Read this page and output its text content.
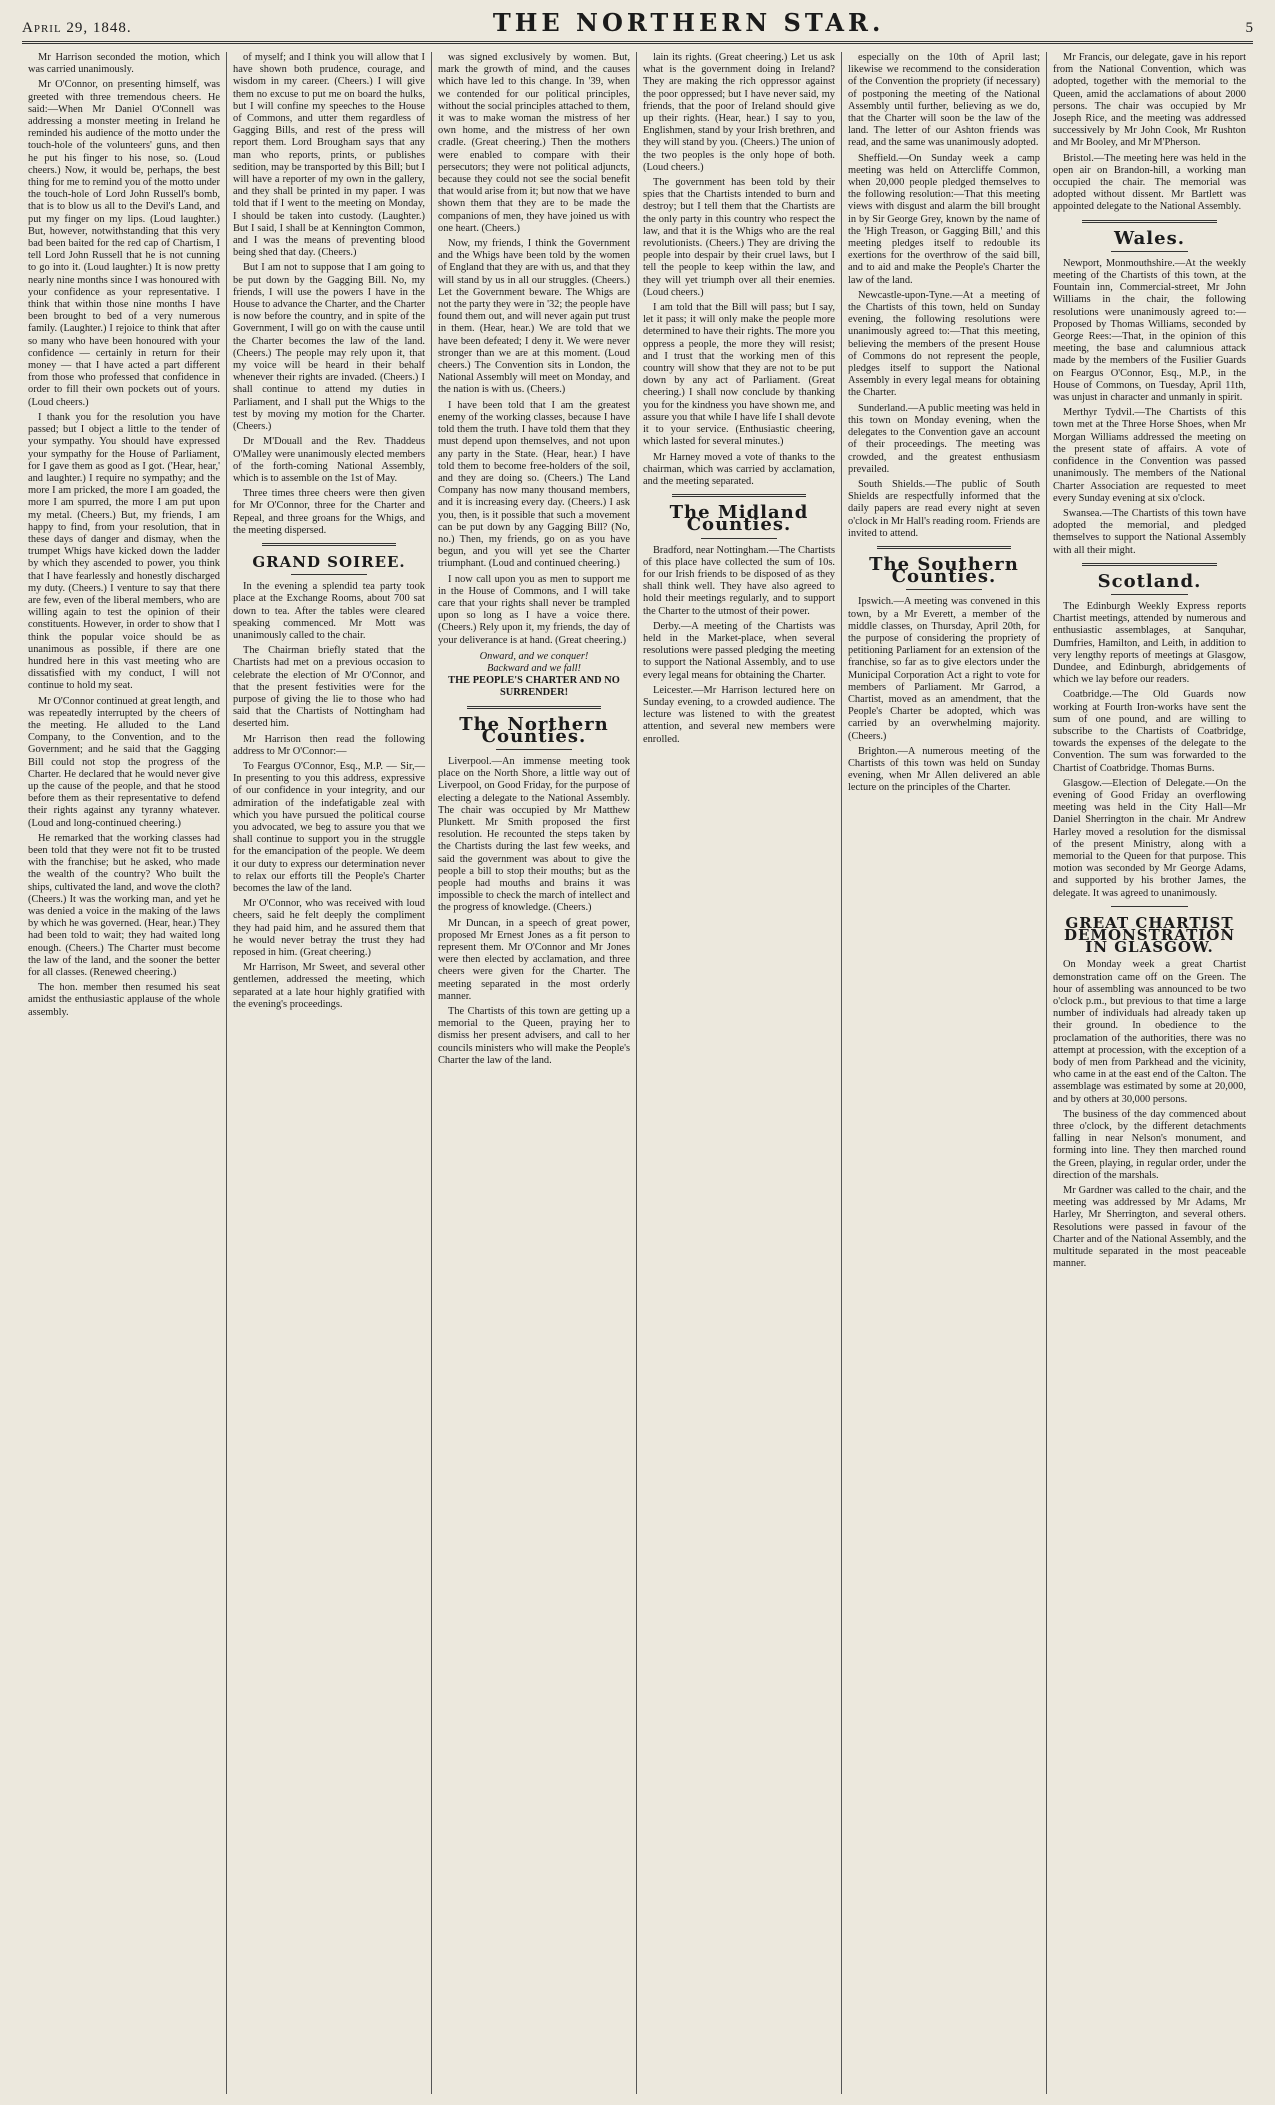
April 29, 1848.	THE NORTHERN STAR.	5

Mr Harrison seconded the motion, which was carried unanimously.

Mr O'Connor, on presenting himself, was greeted with three tremendous cheers. He said:—When Mr Daniel O'Connell was addressing a monster meeting in Ireland he reminded his audience of the motto under the touch-hole of the volunteers' guns, and then he put his finger to his nose, so. (Loud cheers.) Now, it would be, perhaps, the best thing for me to remind you of the motto under the touch-hole of Lord John Russell's bomb, that is to blow us all to the Devil's Land, and put my finger on my lips. (Loud laughter.) But, however, notwithstanding that this very bad been baited for the red cap of Chartism, I tell Lord John Russell that he is not cunning to go into it. (Loud laughter.) It is now pretty nearly nine months since I was honoured with your confidence as your representative. I think that within those nine months I have been brought to bed of a very numerous family. (Laughter.) I rejoice to think that after so many who have been honoured with your confidence — certainly in return for their money — that I have acted a part different from those who professed that confidence in order to fill their own pockets out of yours. (Loud cheers.)

I thank you for the resolution you have passed; but I object a little to the tender of your sympathy. You should have expressed your sympathy for the House of Parliament, for I gave them as good as I got. ('Hear, hear,' and laughter.) I require no sympathy; and the more I am pricked, the more I am goaded, the more I am spurred, the more I am put upon my metal. (Cheers.) But, my friends, I am happy to find, from your resolution, that in these days of danger and dismay, when the trumpet Whigs have kicked down the ladder by which they ascended to power, you think that I have fearlessly and honestly discharged my duty. (Cheers.) I venture to say that there are few, even of the liberal members, who are willing again to test the opinion of their constituents. However, in order to show that I think the popular voice should be as unanimous as possible, if there are one hundred here in this vast meeting who are dissatisfied with my conduct, I will not continue to hold my seat.

Mr O'Connor continued at great length, and was repeatedly interrupted by the cheers of the meeting. He alluded to the Land Company, to the Convention, and to the Government; and he said that the Gagging Bill could not stop the progress of the Charter. He declared that he would never give up the cause of the people, and that he stood before them as their representative to defend their rights against any tyranny whatever. (Loud and long-continued cheering.)

He remarked that the working classes had been told that they were not fit to be trusted with the franchise; but he asked, who made the wealth of the country? Who built the ships, cultivated the land, and wove the cloth? (Cheers.) It was the working man, and yet he was denied a voice in the making of the laws by which he was governed. (Hear, hear.) They had been told to wait; they had waited long enough. (Cheers.) The Charter must become the law of the land, and the sooner the better for all classes. (Renewed cheering.)

The hon. member then resumed his seat amidst the enthusiastic applause of the whole assembly.

of myself; and I think you will allow that I have shown both prudence, courage, and wisdom in my career. (Cheers.) I will give them no excuse to put me on board the hulks, but I will confine my speeches to the House of Commons, and utter them regardless of Gagging Bills, and rest of the press will report them. Lord Brougham says that any man who reports, prints, or publishes sedition, may be transported by this Bill; but I will have a reporter of my own in the gallery, and they shall be printed in my paper. I was told that if I went to the meeting on Monday, I should be taken into custody. (Laughter.) But I said, I shall be at Kennington Common, and I was the means of preventing blood being shed that day. (Cheers.)

But I am not to suppose that I am going to be put down by the Gagging Bill. No, my friends, I will use the powers I have in the House to advance the Charter, and the Charter is now before the country, and in spite of the Government, I will go on with the cause until the Charter becomes the law of the land. (Cheers.) The people may rely upon it, that my voice will be heard in their behalf whenever their rights are invaded. (Cheers.) I shall continue to attend my duties in Parliament, and I shall put the Whigs to the test by moving my motion for the Charter. (Cheers.)

Dr M'Douall and the Rev. Thaddeus O'Malley were unanimously elected members of the forth-coming National Assembly, which is to assemble on the 1st of May.

Three times three cheers were then given for Mr O'Connor, three for the Charter and Repeal, and three groans for the Whigs, and the meeting dispersed.

GRAND SOIREE.

In the evening a splendid tea party took place at the Exchange Rooms, about 700 sat down to tea. After the tables were cleared speaking commenced. Mr Mott was unanimously called to the chair.

The Chairman briefly stated that the Chartists had met on a previous occasion to celebrate the election of Mr O'Connor, and that the present festivities were for the purpose of giving the lie to those who had said that the Chartists of Nottingham had deserted him.

Mr Harrison then read the following address to Mr O'Connor:—

To Feargus O'Connor, Esq., M.P. — Sir,—In presenting to you this address, expressive of our confidence in your integrity, and our admiration of the indefatigable zeal with which you have pursued the political course you advocated, we beg to assure you that we shall continue to support you in the struggle for the emancipation of the people. We deem it our duty to express our determination never to relax our efforts till the People's Charter becomes the law of the land.

Mr O'Connor, who was received with loud cheers, said he felt deeply the compliment they had paid him, and he assured them that he would never betray the trust they had reposed in him. (Great cheering.)

Mr Harrison, Mr Sweet, and several other gentlemen, addressed the meeting, which separated at a late hour highly gratified with the evening's proceedings.

was signed exclusively by women. But, mark the growth of mind, and the causes which have led to this change. In '39, when we contended for our political principles, without the social principles attached to them, it was to make woman the mistress of her own home, and the mistress of her own cradle. (Great cheering.) Then the mothers were enabled to compare with their persecutors; they were not political adjuncts, because they could not see the social benefit that would arise from it; but now that we have shown them that they are to be made the companions of men, they have joined us with one heart. (Cheers.)

Now, my friends, I think the Government and the Whigs have been told by the women of England that they are with us, and that they will stand by us in all our struggles. (Cheers.) Let the Government beware. The Whigs are not the party they were in '32; the people have found them out, and will never again put trust in them. (Hear, hear.) We are told that we have been defeated; I deny it. We were never stronger than we are at this moment. (Loud cheers.) The Convention sits in London, the National Assembly will meet on Monday, and the nation is with us. (Cheers.)

I have been told that I am the greatest enemy of the working classes, because I have told them the truth. I have told them that they must depend upon themselves, and not upon any party in the State. (Hear, hear.) I have told them to become free-holders of the soil, and they are doing so. (Cheers.) The Land Company has now many thousand members, and it is increasing every day. (Cheers.) I ask you, then, is it possible that such a movement can be put down by any Gagging Bill? (No, no.) Then, my friends, go on as you have begun, and you will yet see the Charter triumphant. (Loud and continued cheering.)

I now call upon you as men to support me in the House of Commons, and I will take care that your rights shall never be trampled upon so long as I have a voice there. (Cheers.) Rely upon it, my friends, the day of your deliverance is at hand. (Great cheering.)

Onward, and we conquer!
Backward and we fall!
THE PEOPLE'S CHARTER AND NO SURRENDER!
The Northern Counties.

Liverpool.—An immense meeting took place on the North Shore, a little way out of Liverpool, on Good Friday, for the purpose of electing a delegate to the National Assembly. The chair was occupied by Mr Matthew Plunkett. Mr Smith proposed the first resolution. He recounted the steps taken by the Chartists during the last few weeks, and said the government was about to give the people a bill to stop their mouths; but as the people had mouths and brains it was impossible to check the march of intellect and the progress of knowledge. (Cheers.)

Mr Duncan, in a speech of great power, proposed Mr Ernest Jones as a fit person to represent them. Mr O'Connor and Mr Jones were then elected by acclamation, and three cheers were given for the Charter. The meeting separated in the most orderly manner.

The Chartists of this town are getting up a memorial to the Queen, praying her to dismiss her present advisers, and call to her councils ministers who will make the People's Charter the law of the land.

lain its rights. (Great cheering.) Let us ask what is the government doing in Ireland? They are making the rich oppressor against the poor oppressed; but I have never said, my friends, that the poor of Ireland should give up their rights. (Hear, hear.) I say to you, Englishmen, stand by your Irish brethren, and they will stand by you. (Cheers.) The union of the two peoples is the only hope of both. (Loud cheers.)

The government has been told by their spies that the Chartists intended to burn and destroy; but I tell them that the Chartists are the only party in this country who respect the law, and that it is the Whigs who are the real revolutionists. (Cheers.) They are driving the people into despair by their cruel laws, but I tell the people to keep within the law, and they will yet triumph over all their enemies. (Loud cheers.)

I am told that the Bill will pass; but I say, let it pass; it will only make the people more determined to have their rights. The more you oppress a people, the more they will resist; and I trust that the working men of this country will show that they are not to be put down by any act of Parliament. (Great cheering.) I shall now conclude by thanking you for the kindness you have shown me, and assure you that while I have life I shall devote it to your service. (Enthusiastic cheering, which lasted for several minutes.)

Mr Harney moved a vote of thanks to the chairman, which was carried by acclamation, and the meeting separated.

The Midland Counties.

Bradford, near Nottingham.—The Chartists of this place have collected the sum of 10s. for our Irish friends to be disposed of as they shall think well. They have also agreed to hold their meetings regularly, and to support the Charter to the utmost of their power.

Derby.—A meeting of the Chartists was held in the Market-place, when several resolutions were passed pledging the meeting to support the National Assembly, and to use every legal means for obtaining the Charter.

Leicester.—Mr Harrison lectured here on Sunday evening, to a crowded audience. The lecture was listened to with the greatest attention, and several new members were enrolled.

especially on the 10th of April last; likewise we recommend to the consideration of the Convention the propriety (if necessary) of postponing the meeting of the National Assembly until further, believing as we do, that the Charter will soon be the law of the land. The letter of our Ashton friends was read, and the same was unanimously adopted.

Sheffield.—On Sunday week a camp meeting was held on Attercliffe Common, when 20,000 people pledged themselves to the following resolution:—That this meeting views with disgust and alarm the bill brought in by Sir George Grey, known by the name of the 'High Treason, or Gagging Bill,' and this meeting pledges itself to redouble its exertions for the overthrow of the said bill, and to aid and make the People's Charter the law of the land.

Newcastle-upon-Tyne.—At a meeting of the Chartists of this town, held on Sunday evening, the following resolutions were unanimously agreed to:—That this meeting, believing the members of the present House of Commons do not represent the people, pledges itself to support the National Assembly in every legal means for obtaining the Charter.

Sunderland.—A public meeting was held in this town on Monday evening, when the delegates to the Convention gave an account of their proceedings. The meeting was crowded, and the greatest enthusiasm prevailed.

South Shields.—The public of South Shields are respectfully informed that the daily papers are read every night at seven o'clock in Mr Hall's reading room. Friends are invited to attend.

The Southern Counties.

Ipswich.—A meeting was convened in this town, by a Mr Everett, a member of the middle classes, on Thursday, April 20th, for the purpose of considering the propriety of petitioning Parliament for an extension of the franchise, so far as to give electors under the Municipal Corporation Act a right to vote for members of Parliament. Mr Garrod, a Chartist, moved as an amendment, that the People's Charter be adopted, which was carried by an overwhelming majority. (Cheers.)

Brighton.—A numerous meeting of the Chartists of this town was held on Sunday evening, when Mr Allen delivered an able lecture on the principles of the Charter.

Mr Francis, our delegate, gave in his report from the National Convention, which was adopted, together with the memorial to the Queen, amid the acclamations of about 2000 persons. The chair was occupied by Mr Joseph Rice, and the meeting was addressed successively by Mr John Cook, Mr Rushton and Mr Booley, and Mr M'Pherson.

Bristol.—The meeting here was held in the open air on Brandon-hill, a working man occupied the chair. The memorial was adopted without dissent. Mr Bartlett was appointed delegate to the National Assembly.

Wales.

Newport, Monmouthshire.—At the weekly meeting of the Chartists of this town, at the Fountain inn, Commercial-street, Mr John Williams in the chair, the following resolutions were unanimously agreed to:—Proposed by Thomas Williams, seconded by George Rees:—That, in the opinion of this meeting, the base and calumnious attack made by the members of the Fusilier Guards on Feargus O'Connor, Esq., M.P., in the House of Commons, on Tuesday, April 11th, was unjust in character and unmanly in spirit.

Merthyr Tydvil.—The Chartists of this town met at the Three Horse Shoes, when Mr Morgan Williams addressed the meeting on the present state of affairs. A vote of confidence in the Convention was passed unanimously. The members of the National Charter Association are requested to meet every Sunday evening at six o'clock.

Swansea.—The Chartists of this town have adopted the memorial, and pledged themselves to support the National Assembly with all their might.

Scotland.

The Edinburgh Weekly Express reports Chartist meetings, attended by numerous and enthusiastic assemblages, at Sanquhar, Dumfries, Hamilton, and Leith, in addition to very lengthy reports of meetings at Glasgow, Dundee, and Edinburgh, abridgements of which we lay before our readers.

Coatbridge.—The Old Guards now working at Fourth Iron-works have sent the sum of one pound, and are willing to subscribe to the Chartists of Coatbridge, towards the expenses of the delegate to the Convention. The sum was forwarded to the Chartist of Coatbridge. Thomas Burns.

Glasgow.—Election of Delegate.—On the evening of Good Friday an overflowing meeting was held in the City Hall—Mr Daniel Sherrington in the chair. Mr Andrew Harley moved a resolution for the dismissal of the present Ministry, along with a memorial to the Queen for that purpose. This motion was seconded by Mr George Adams, and supported by his brother James, the delegate. It was agreed to unanimously.

GREAT CHARTIST DEMONSTRATION IN GLASGOW.

On Monday week a great Chartist demonstration came off on the Green. The hour of assembling was announced to be two o'clock p.m., but previous to that time a large number of individuals had already taken up their ground. In obedience to the proclamation of the authorities, there was no attempt at procession, with the exception of a body of men from Parkhead and the vicinity, who came in at the east end of the Calton. The assemblage was estimated by some at 20,000, and by others at 30,000 persons.

The business of the day commenced about three o'clock, by the different detachments falling in near Nelson's monument, and forming into line. They then marched round the Green, playing, in regular order, under the direction of the marshals.

Mr Gardner was called to the chair, and the meeting was addressed by Mr Adams, Mr Harley, Mr Sherrington, and several others. Resolutions were passed in favour of the Charter and of the National Assembly, and the multitude separated in the most peaceable manner.
